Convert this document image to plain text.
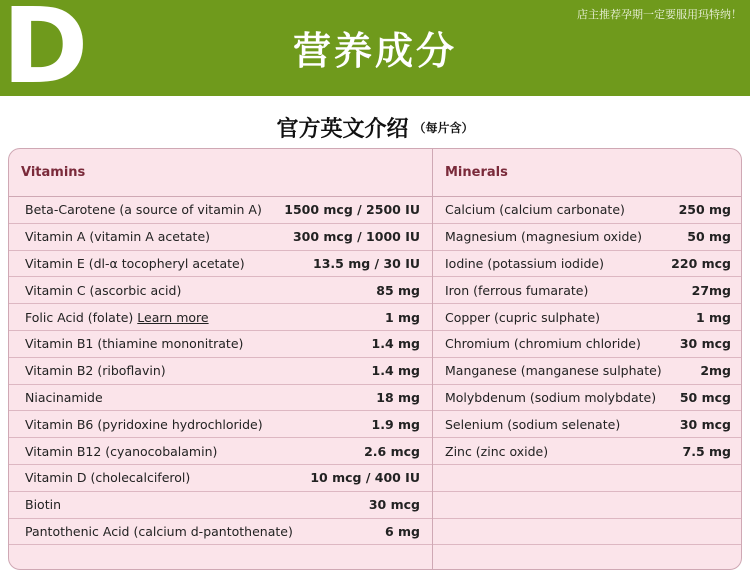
D	营养成分
店主推荐孕期一定要服用玛特纳！
官方英文介绍 （每片含）
Vitamins
Beta-Carotene (a source of vitamin A) 1500 mcg / 2500 IU
Vitamin A (vitamin A acetate)	300 mcg / 1000 IU
Vitamin E (dl-α tocopheryl acetate)	13.5 mg / 30 IU
Vitamin C (ascorbic acid)	85 mg
Folic Acid (folate) Learn more	1 mg
Vitamin B1 (thiamine mononitrate)	1.4 mg
Vitamin B2 (riboflavin)	1.4 mg
Niacinamide	18 mg
Vitamin B6 (pyridoxine hydrochloride)	1.9 mg
Vitamin B12 (cyanocobalamin)	2.6 mcg
Vitamin D (cholecalciferol)	10 mcg / 400 IU
Biotin	30 mcg
Pantothenic Acid (calcium d-pantothenate)	6 mg
Minerals
Calcium (calcium carbonate)	250 mg
Magnesium (magnesium oxide)	50 mg
Iodine (potassium iodide)	220 mcg
Iron (ferrous fumarate)	27mg
Copper (cupric sulphate)	1 mg
Chromium (chromium chloride)	30 mcg
Manganese (manganese sulphate)	2mg
Molybdenum (sodium molybdate) 50 mcg
Selenium (sodium selenate)	30 mcg
Zinc (zinc oxide)	7.5 mg
